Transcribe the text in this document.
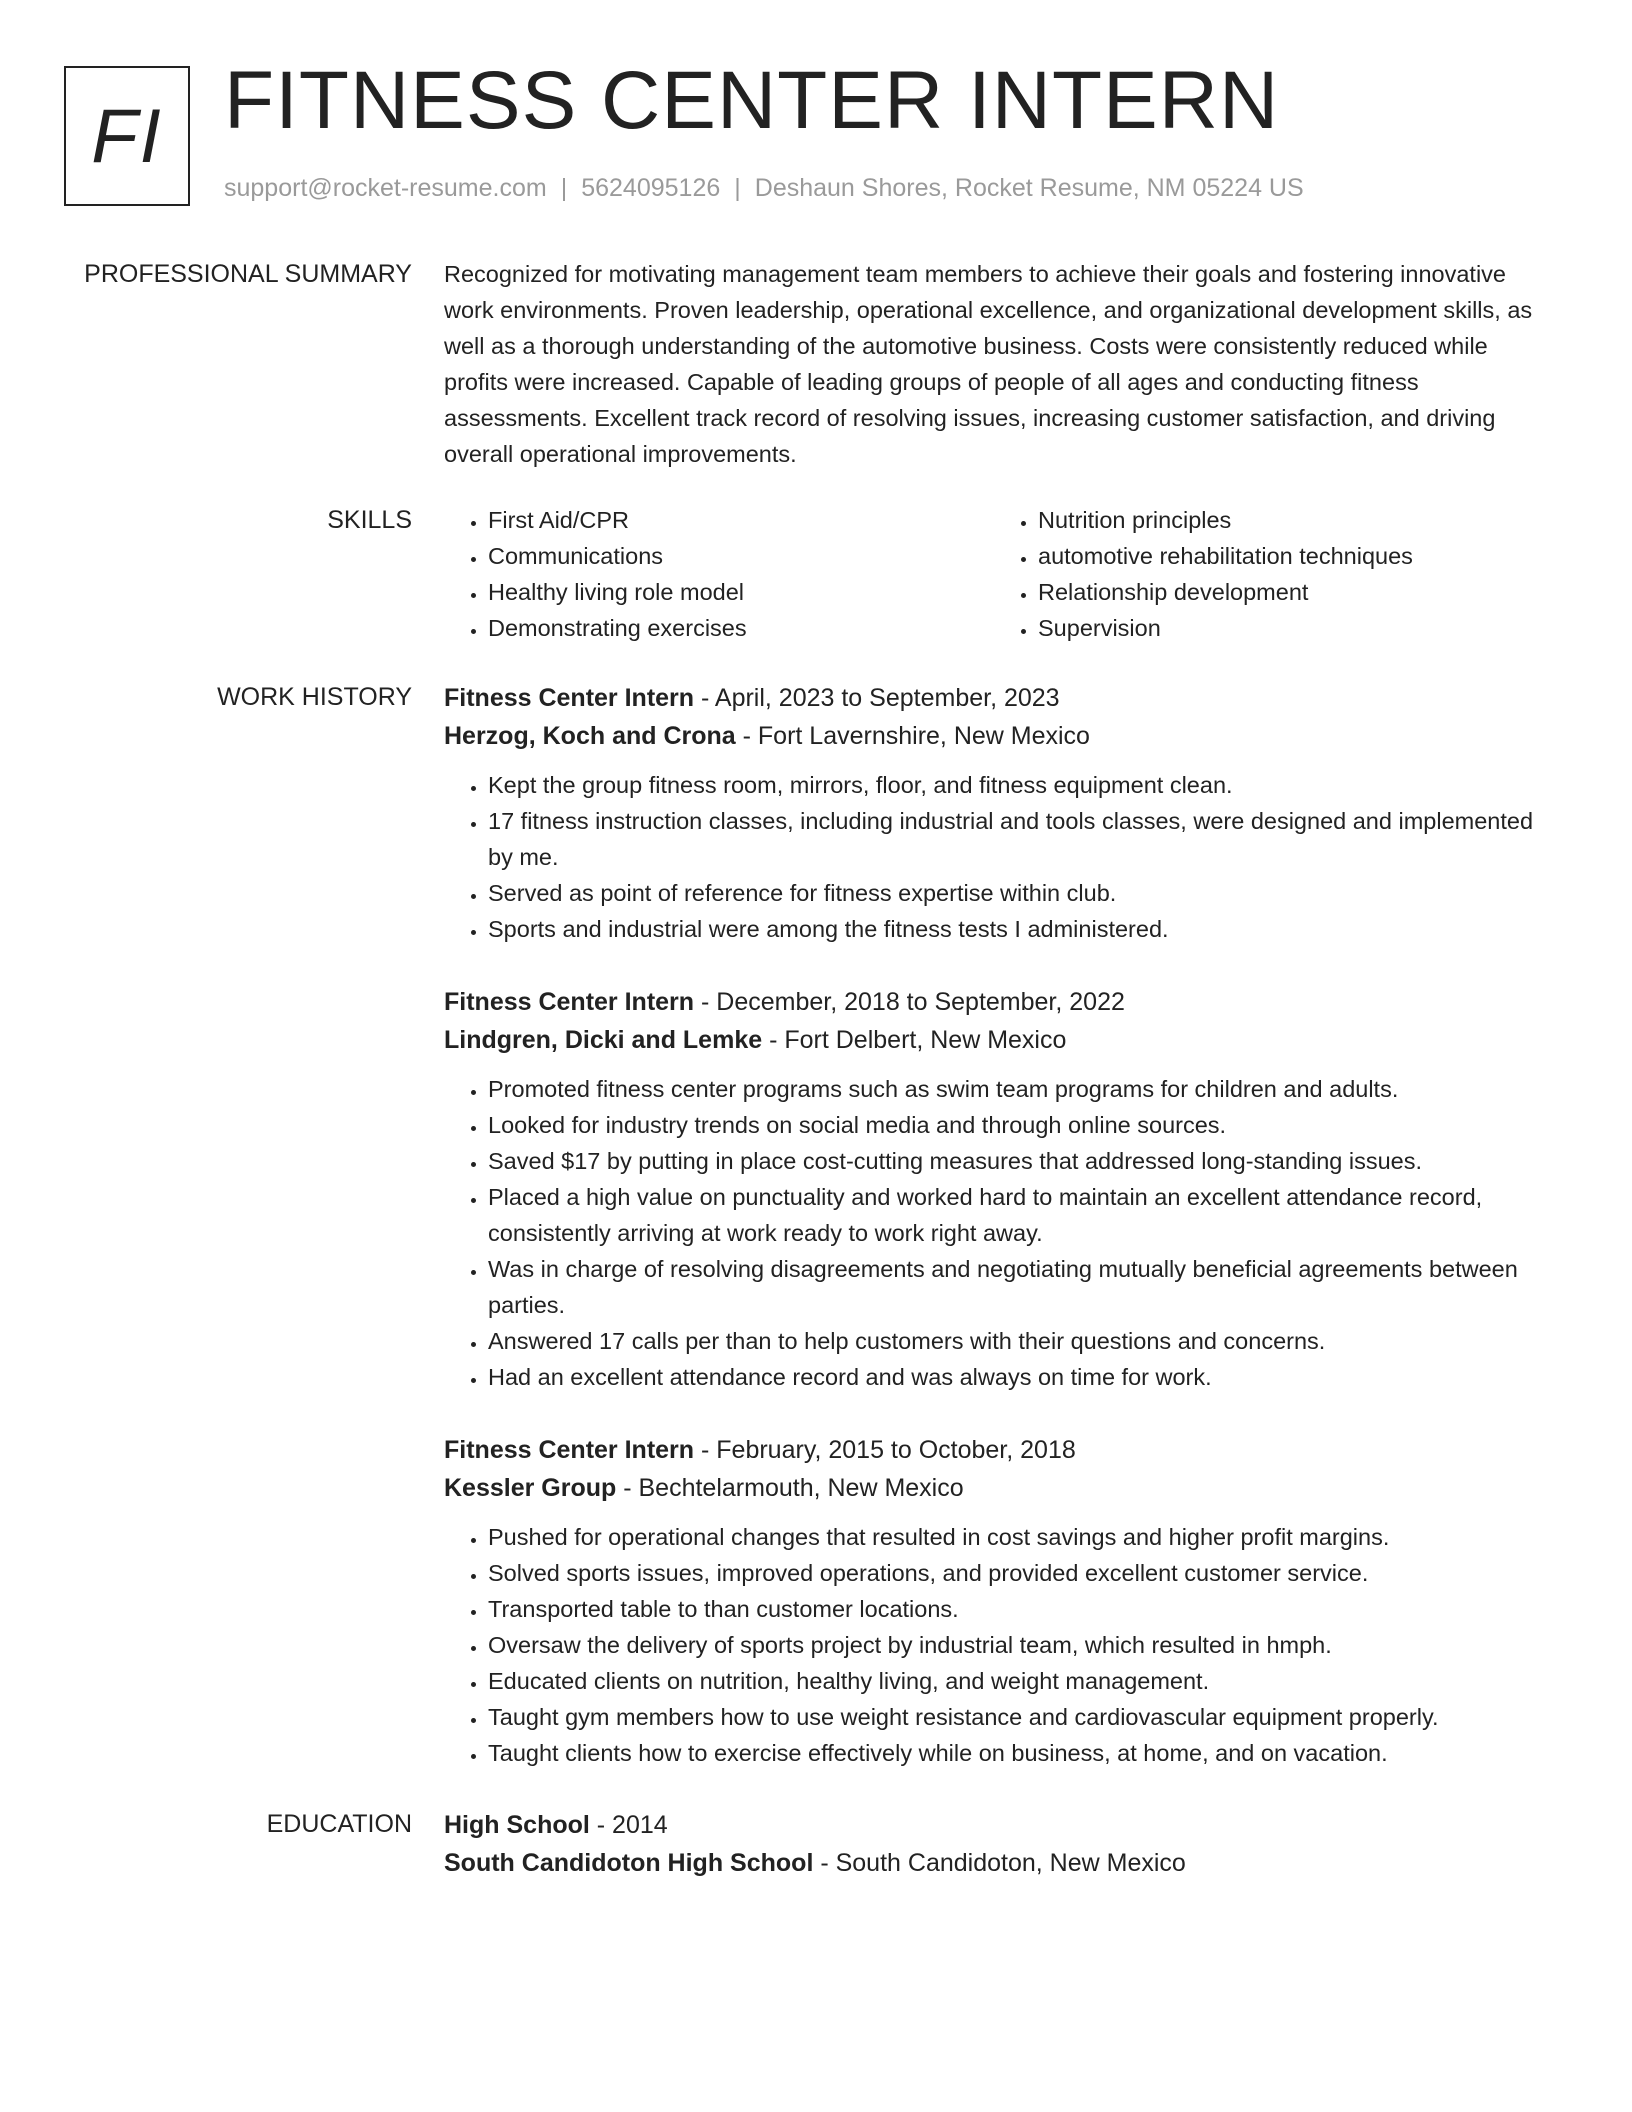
FI FITNESS CENTER INTERN
support@rocket-resume.com | 5624095126 | Deshaun Shores, Rocket Resume, NM 05224 US
PROFESSIONAL SUMMARY Recognized for motivating management team members to achieve their goals and fostering innovative work environments. Proven leadership, operational excellence, and organizational development skills, as well as a thorough understanding of the automotive business. Costs were consistently reduced while profits were increased. Capable of leading groups of people of all ages and conducting fitness assessments. Excellent track record of resolving issues, increasing customer satisfaction, and driving overall operational improvements.

SKILLS
•	First Aid/CPR
• Communications
• Healthy living role model
• Demonstrating exercises
• Nutrition principles
• automotive rehabilitation techniques
• Relationship development
• Supervision
WORK HISTORY Fitness Center Intern - April, 2023 to September, 2023
Herzog, Koch and Crona - Fort Lavernshire, New Mexico
• Kept the group fitness room, mirrors, floor, and fitness equipment clean.
• 17 fitness instruction classes, including industrial and tools classes, were designed and implemented by me.
• Served as point of reference for fitness expertise within club.
• Sports and industrial were among the fitness tests I administered.
Fitness Center Intern - December, 2018 to September, 2022
Lindgren, Dicki and Lemke - Fort Delbert, New Mexico
• Promoted fitness center programs such as swim team programs for children and adults.
• Looked for industry trends on social media and through online sources.
• Saved $17 by putting in place cost-cutting measures that addressed long-standing issues.
• Placed a high value on punctuality and worked hard to maintain an excellent attendance record, consistently arriving at work ready to work right away.
• Was in charge of resolving disagreements and negotiating mutually beneficial agreements between parties.
• Answered 17 calls per than to help customers with their questions and concerns.
• Had an excellent attendance record and was always on time for work.
Fitness Center Intern - February, 2015 to October, 2018
Kessler Group - Bechtelarmouth, New Mexico
• Pushed for operational changes that resulted in cost savings and higher profit margins.
• Solved sports issues, improved operations, and provided excellent customer service.
• Transported table to than customer locations.
• Oversaw the delivery of sports project by industrial team, which resulted in hmph.
• Educated clients on nutrition, healthy living, and weight management.
• Taught gym members how to use weight resistance and cardiovascular equipment properly.
• Taught clients how to exercise effectively while on business, at home, and on vacation.
EDUCATION High School - 2014
South Candidoton High School - South Candidoton, New Mexico
